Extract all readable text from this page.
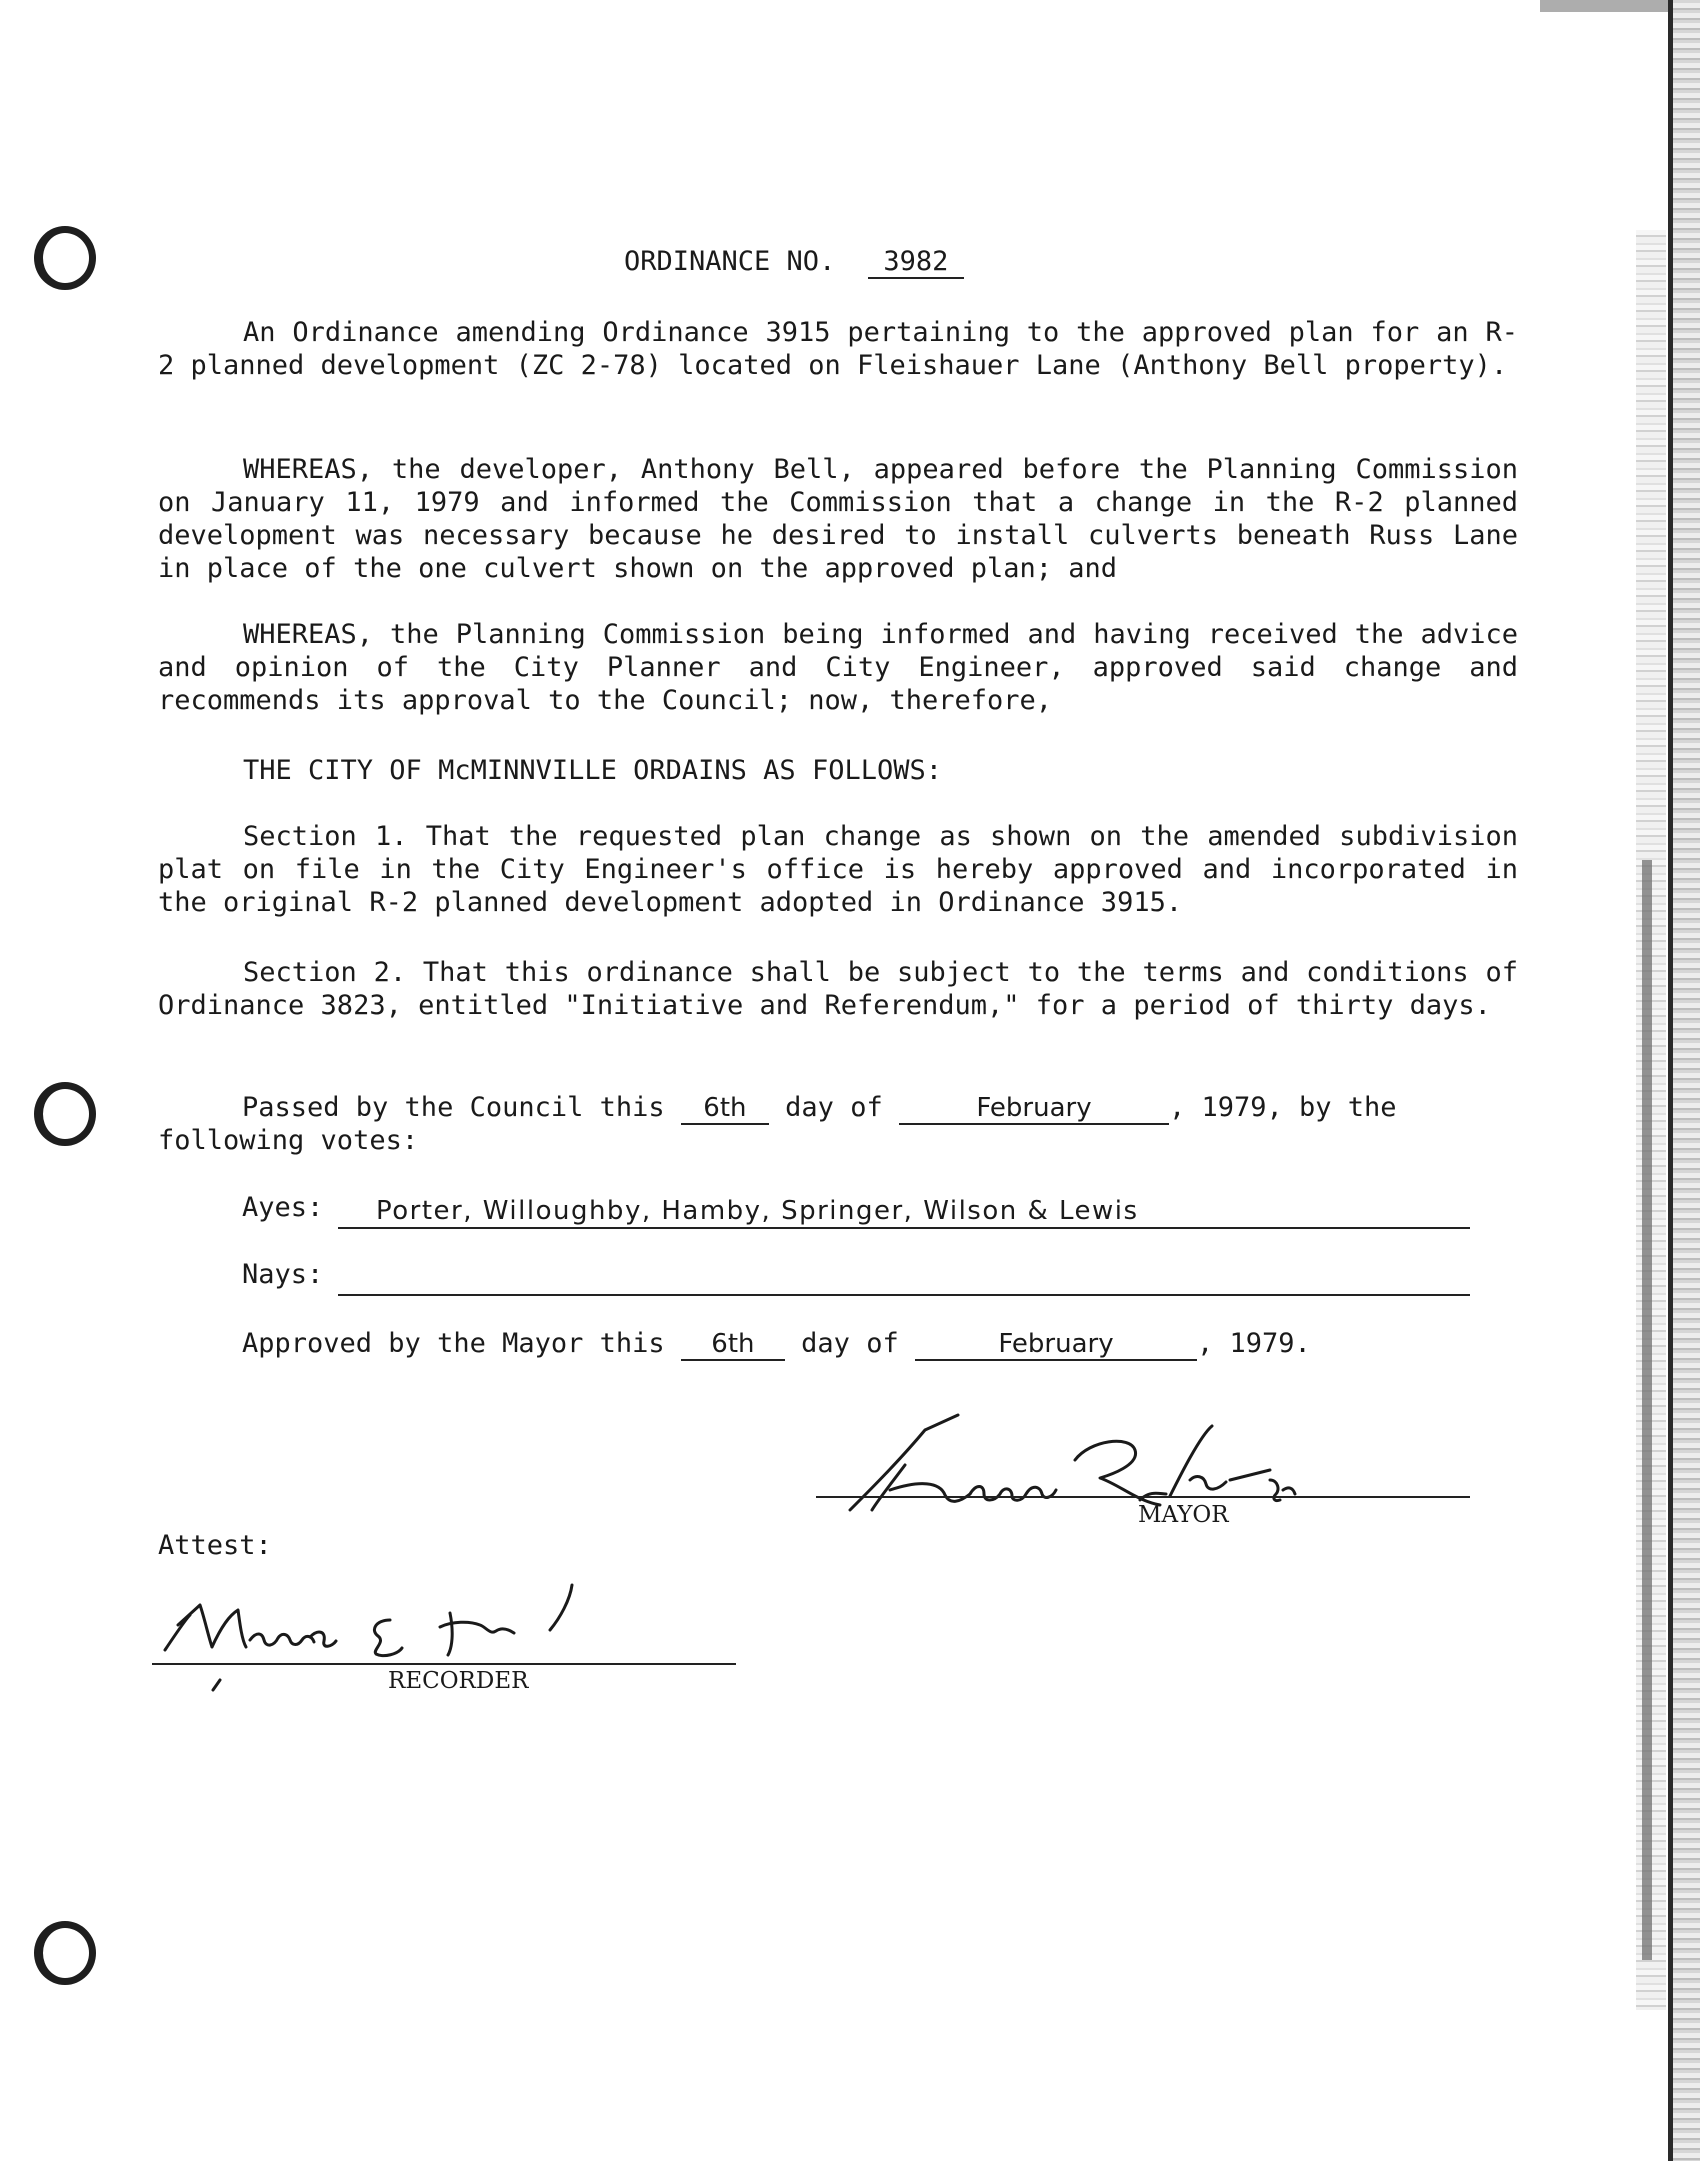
ORDINANCE NO. 3982

An Ordinance amending Ordinance 3915 pertaining to the approved plan for an R-2 planned development (ZC 2-78) located on Fleishauer Lane (Anthony Bell property).

WHEREAS, the developer, Anthony Bell, appeared before the Planning Commission on January 11, 1979 and informed the Commission that a change in the R-2 planned development was necessary because he desired to install culverts beneath Russ Lane in place of the one culvert shown on the approved plan; and

WHEREAS, the Planning Commission being informed and having received the advice and opinion of the City Planner and City Engineer, approved said change and recommends its approval to the Council; now, therefore,

THE CITY OF McMINNVILLE ORDAINS AS FOLLOWS:

Section 1. That the requested plan change as shown on the amended subdivision plat on file in the City Engineer's office is hereby approved and incorporated in the original R-2 planned development adopted in Ordinance 3915.

Section 2. That this ordinance shall be subject to the terms and conditions of Ordinance 3823, entitled "Initiative and Referendum," for a period of thirty days.

Passed by the Council this 6th day of	February	, 1979, by the
following votes:
Ayes: Porter, Willoughby, Hamby, Springer, Wilson & Lewis
Nays:
Approved by the Mayor this 6th day of	February	, 1979.
MAYOR
Attest:
RECORDER
